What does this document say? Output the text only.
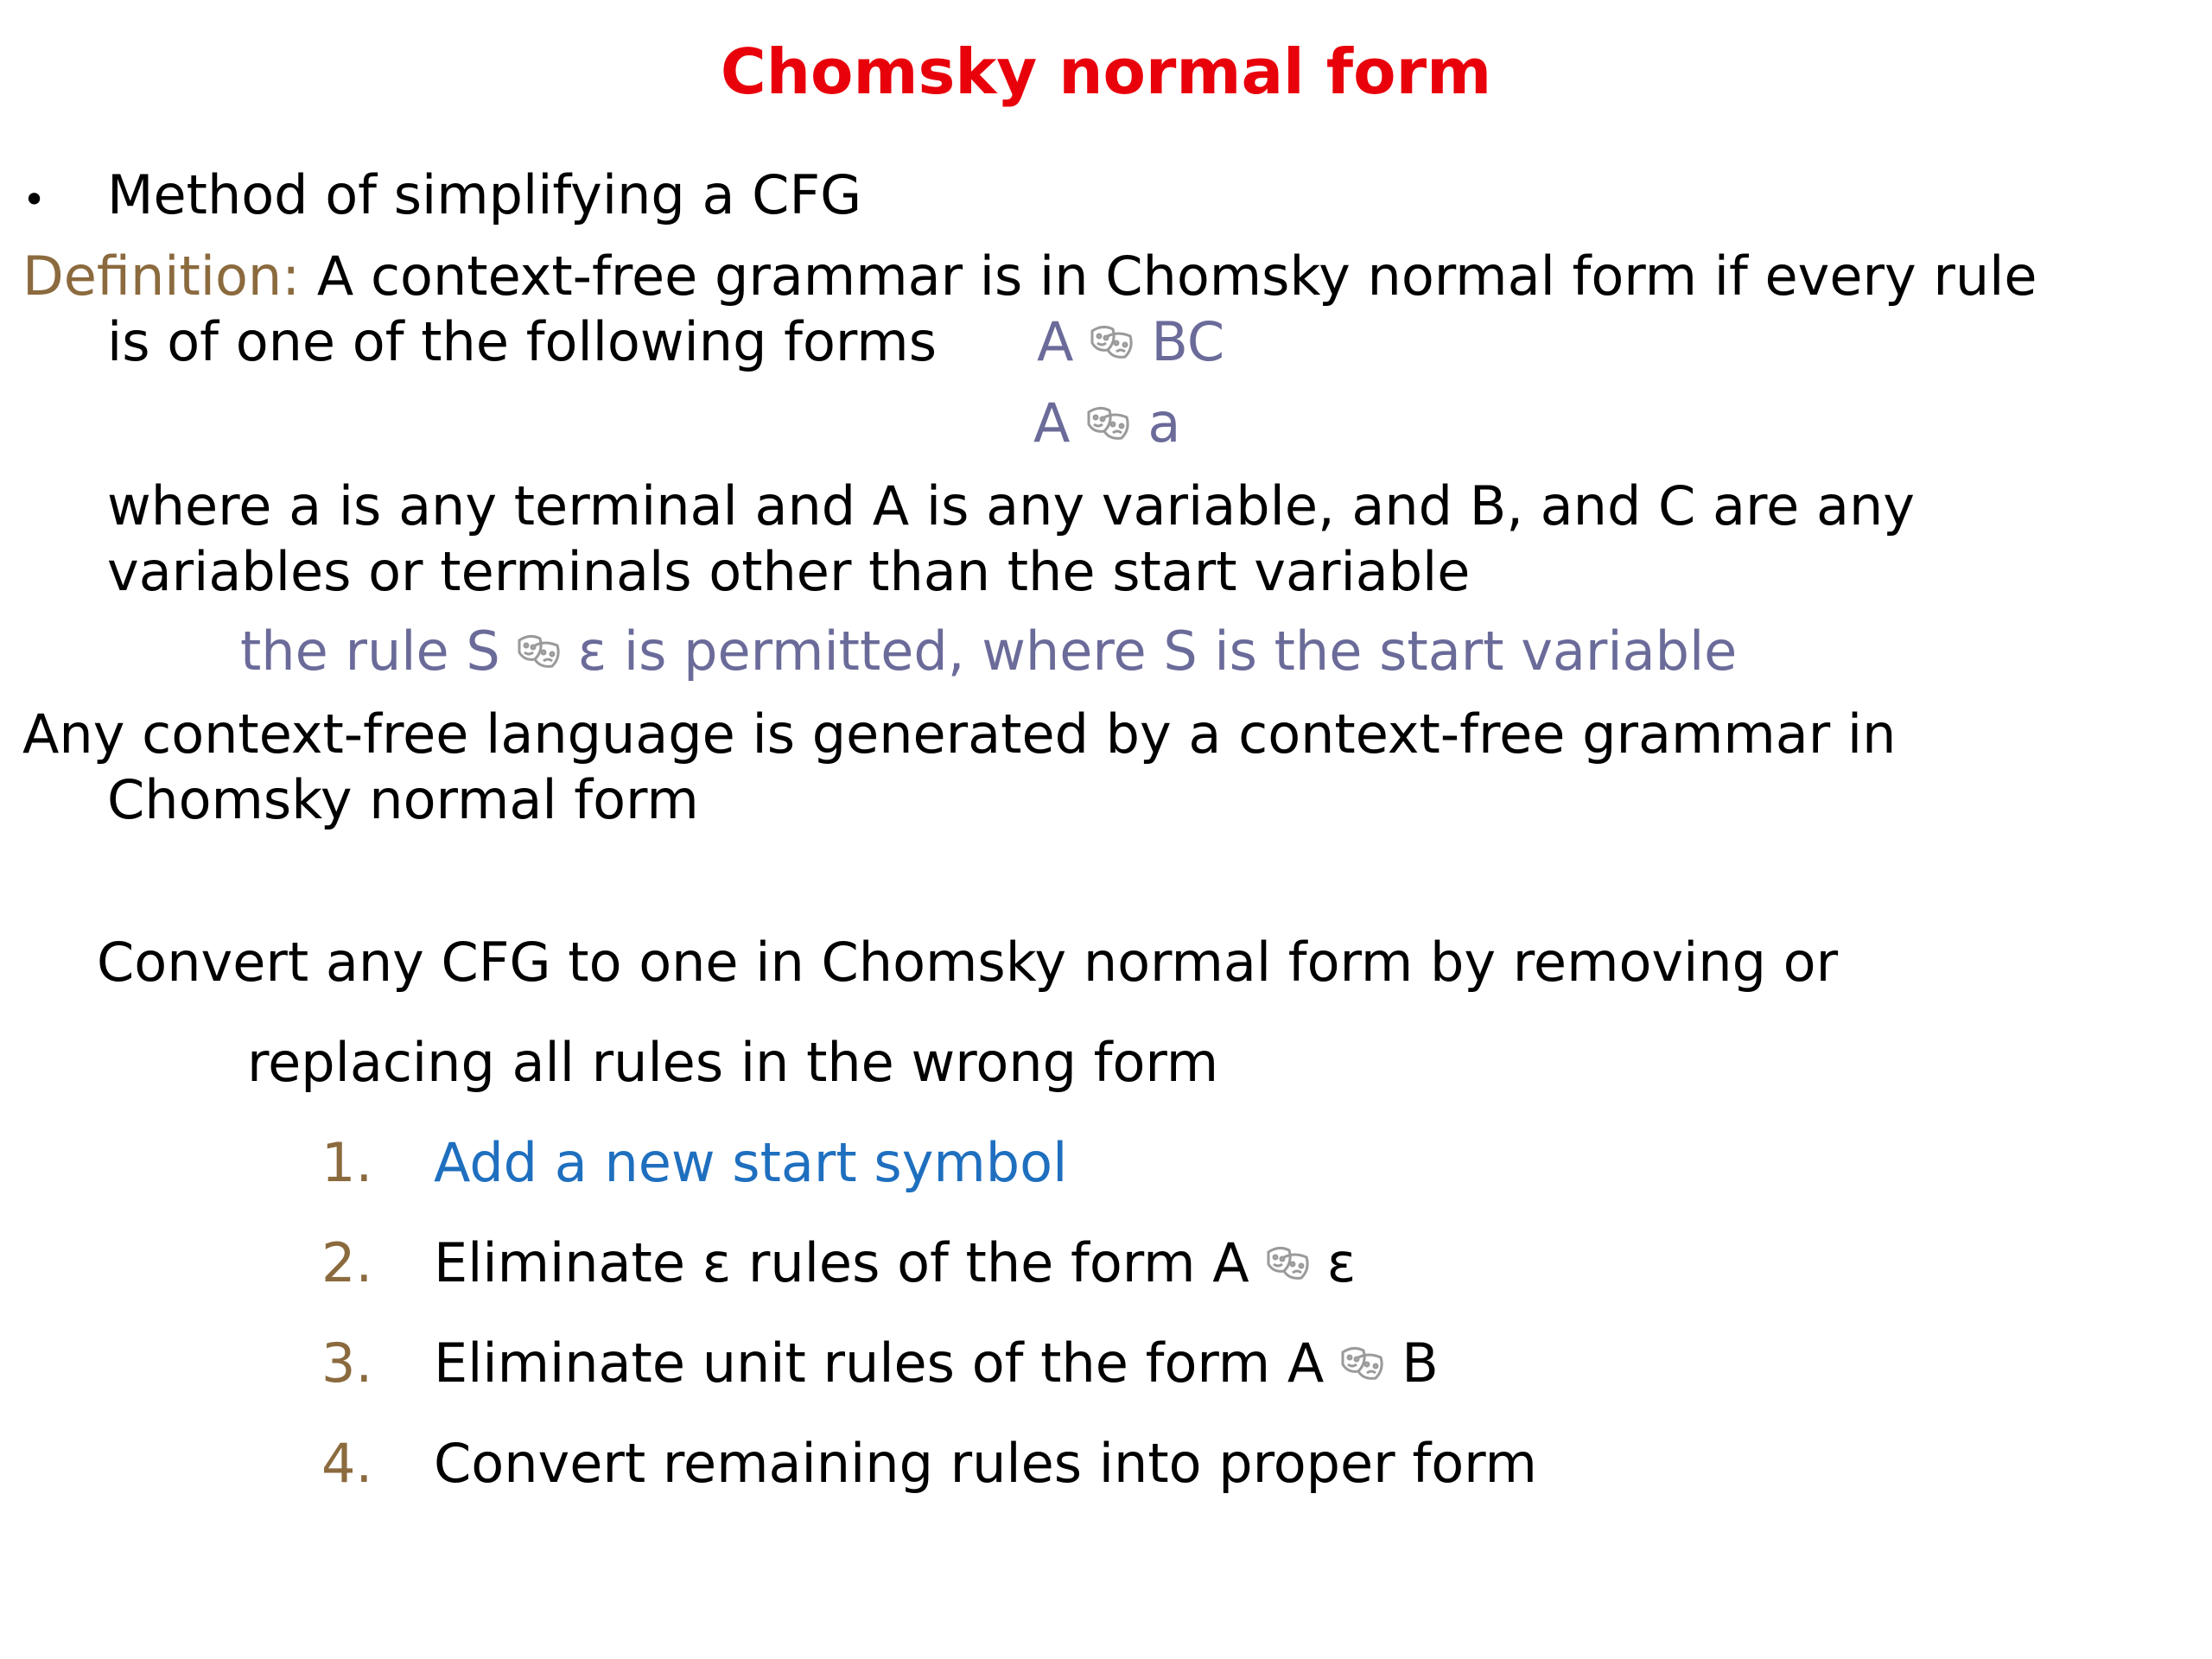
Chomsky normal form
• Method of simplifying a CFG
Definition: A context-free grammar is in Chomsky normal form if every rule
is of one of the following forms A BC
A a
where a is any terminal and A is any variable, and B, and C are any
variables or terminals other than the start variable
the rule S ε is permitted, where S is the start variable
Any context-free language is generated by a context-free grammar in
Chomsky normal form
Convert any CFG to one in Chomsky normal form by removing or
replacing all rules in the wrong form
1. Add a new start symbol
2. Eliminate ε rules of the form A ε
3. Eliminate unit rules of the form A B
4. Convert remaining rules into proper form
